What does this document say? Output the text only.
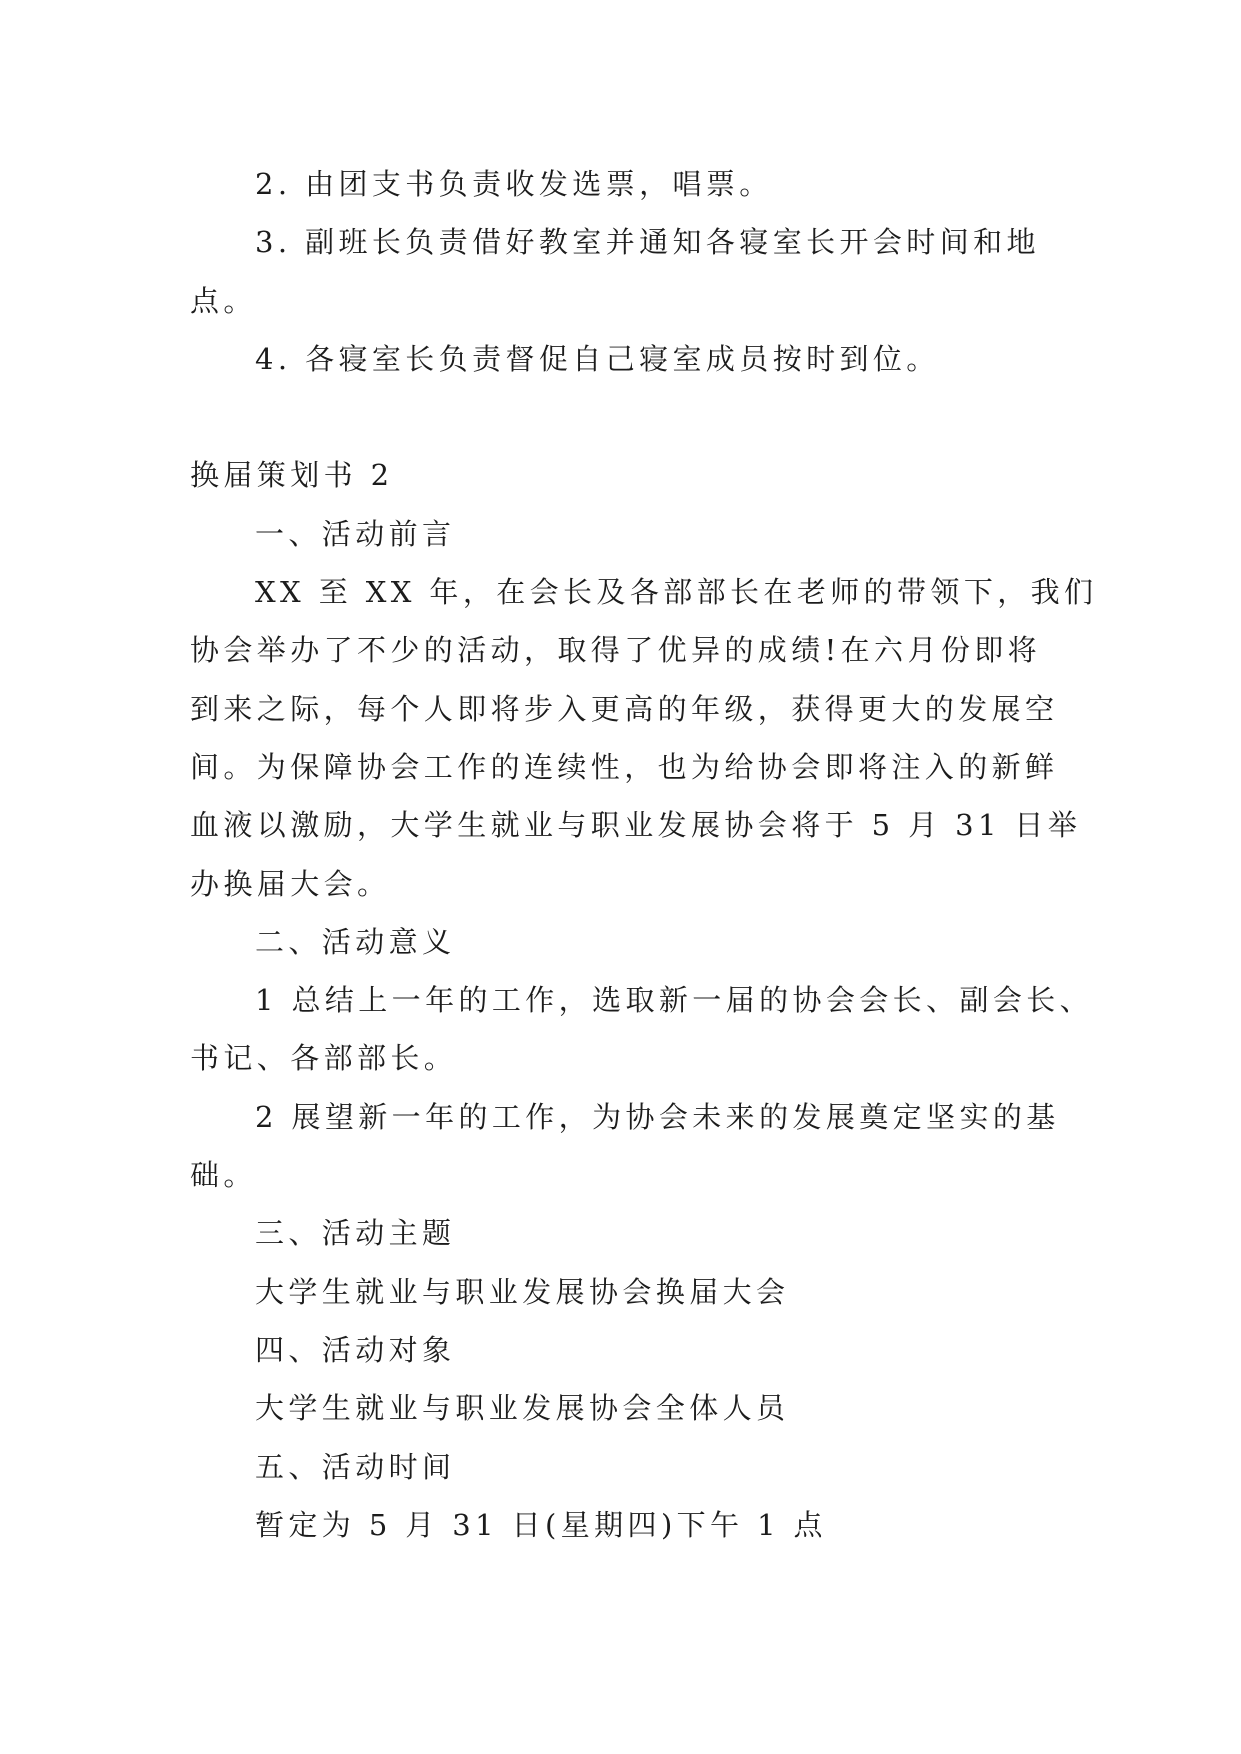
2. 由团支书负责收发选票，唱票。
3. 副班长负责借好教室并通知各寝室长开会时间和地
点。
4. 各寝室长负责督促自己寝室成员按时到位。
换届策划书 2
一、活动前言
XX 至 XX 年，在会长及各部部长在老师的带领下，我们
协会举办了不少的活动，取得了优异的成绩!在六月份即将
到来之际，每个人即将步入更高的年级，获得更大的发展空
间。为保障协会工作的连续性，也为给协会即将注入的新鲜
血液以激励，大学生就业与职业发展协会将于 5 月 31 日举
办换届大会。
二、活动意义
1 总结上一年的工作，选取新一届的协会会长、副会长、
书记、各部部长。
2 展望新一年的工作，为协会未来的发展奠定坚实的基
础。
三、活动主题
大学生就业与职业发展协会换届大会
四、活动对象
大学生就业与职业发展协会全体人员
五、活动时间
暂定为 5 月 31 日(星期四)下午 1 点
